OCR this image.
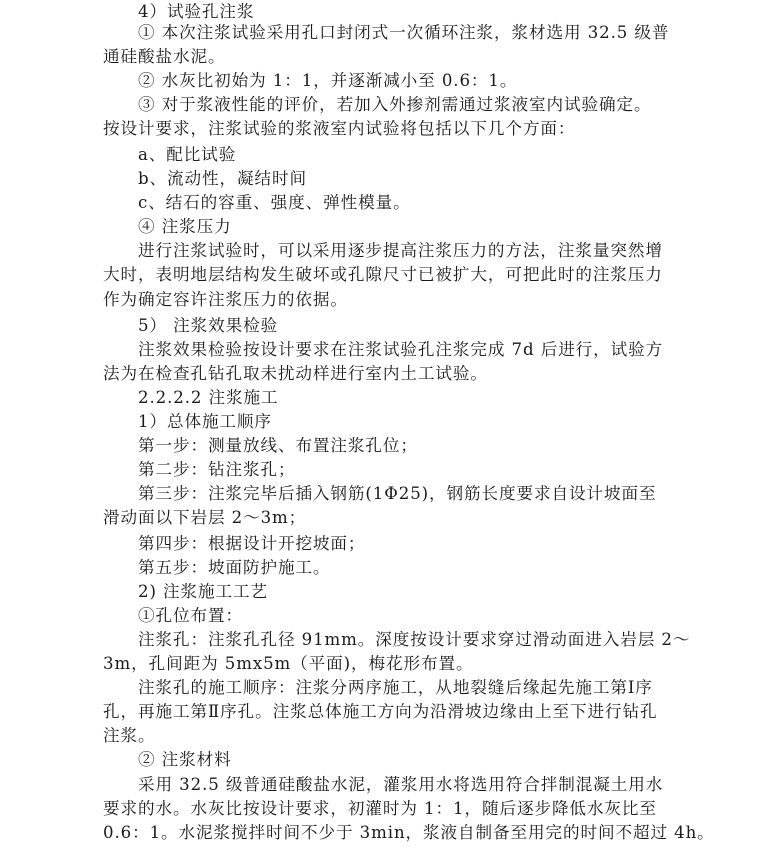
4）试验孔注浆
① 本次注浆试验采用孔口封闭式一次循环注浆，浆材选用 32.5 级普
通硅酸盐水泥。
② 水灰比初始为 1：1，并逐渐减小至 0.6：1。
③ 对于浆液性能的评价，若加入外掺剂需通过浆液室内试验确定。
按设计要求，注浆试验的浆液室内试验将包括以下几个方面：
a、配比试验
b、流动性，凝结时间
c、结石的容重、强度、弹性模量。
④ 注浆压力
进行注浆试验时，可以采用逐步提高注浆压力的方法，注浆量突然增
大时，表明地层结构发生破坏或孔隙尺寸已被扩大，可把此时的注浆压力
作为确定容许注浆压力的依据。
5） 注浆效果检验
注浆效果检验按设计要求在注浆试验孔注浆完成 7d 后进行，试验方
法为在检查孔钻孔取未扰动样进行室内土工试验。
2.2.2.2 注浆施工
1）总体施工顺序
第一步：测量放线、布置注浆孔位；
第二步：钻注浆孔；
第三步：注浆完毕后插入钢筋(1Φ25)，钢筋长度要求自设计坡面至
滑动面以下岩层 2～3m；
第四步：根据设计开挖坡面；
第五步：坡面防护施工。
2) 注浆施工工艺
①孔位布置：
注浆孔：注浆孔孔径 91mm。深度按设计要求穿过滑动面进入岩层 2～
3m，孔间距为 5mx5m（平面)，梅花形布置。
注浆孔的施工顺序：注浆分两序施工，从地裂缝后缘起先施工第Ⅰ序
孔，再施工第Ⅱ序孔。注浆总体施工方向为沿滑坡边缘由上至下进行钻孔
注浆。
② 注浆材料
采用 32.5 级普通硅酸盐水泥，灌浆用水将选用符合拌制混凝土用水
要求的水。水灰比按设计要求，初灌时为 1：1，随后逐步降低水灰比至
0.6：1。水泥浆搅拌时间不少于 3min，浆液自制备至用完的时间不超过 4h。
